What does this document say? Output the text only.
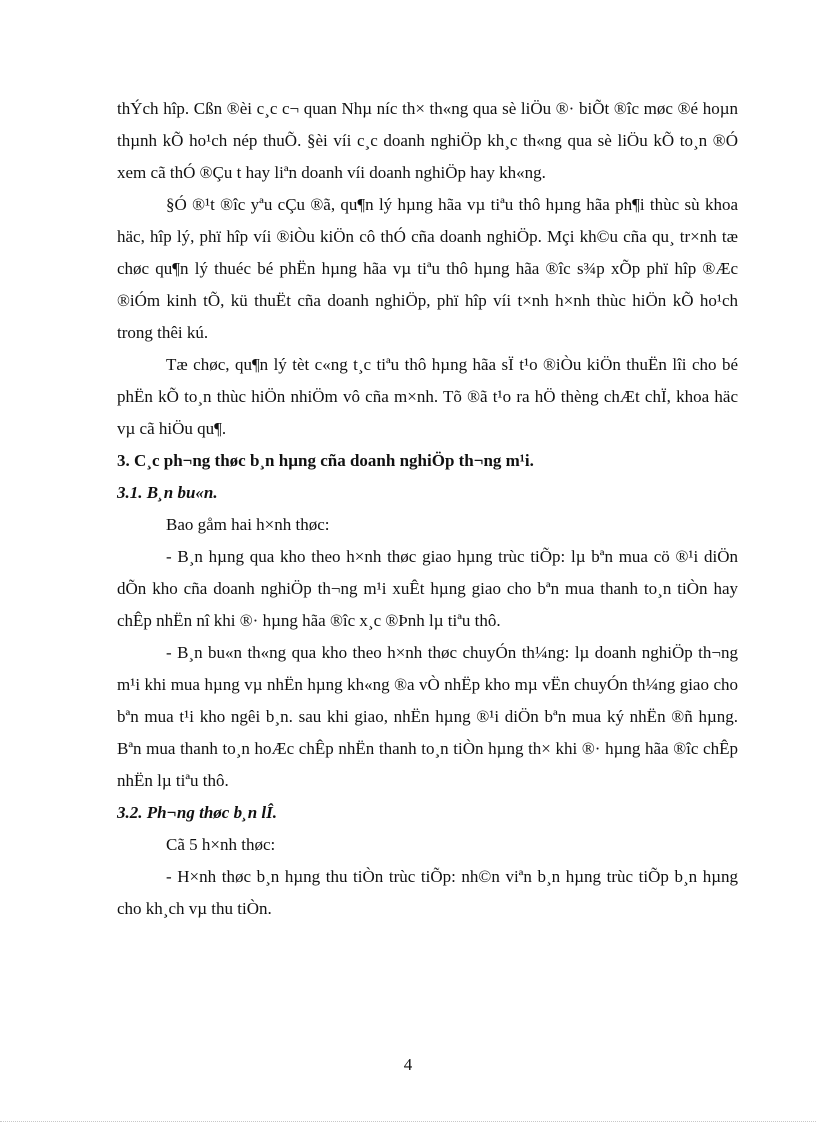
thÝch hîp. Cßn ®èi c¸c c¬ quan Nhµ níc th× th«ng qua sè liÖu ®· biÕt ®îc møc ®é hoµn thµnh kÕ ho¹ch nép thuÕ. §èi víi c¸c doanh nghiÖp kh¸c th«ng qua sè liÖu kÕ to¸n ®Ó xem cã thÓ ®Çu t hay liªn doanh víi doanh nghiÖp hay kh«ng.

§Ó ®¹t ®îc yªu cÇu ®ã, qu¶n lý hµng hãa vµ tiªu thô hµng hãa ph¶i thùc sù khoa häc, hîp lý, phï hîp víi ®iÒu kiÖn cô thÓ cña doanh nghiÖp. Mçi kh©u cña qu¸ tr×nh tæ chøc qu¶n lý thuéc bé phËn hµng hãa vµ tiªu thô hµng hãa ®îc s¾p xÕp phï hîp ®Æc ®iÓm kinh tÕ, kü thuËt cña doanh nghiÖp, phï hîp víi t×nh h×nh thùc hiÖn kÕ ho¹ch trong thêi kú.

Tæ chøc, qu¶n lý tèt c«ng t¸c tiªu thô hµng hãa sÏ t¹o ®iÒu kiÖn thuËn lîi cho bé phËn kÕ to¸n thùc hiÖn nhiÖm vô cña m×nh. Tõ ®ã t¹o ra hÖ thèng chÆt chÏ, khoa häc vµ cã hiÖu qu¶.

3. C¸c ph¬ng thøc b¸n hµng cña doanh nghiÖp th¬ng m¹i.

3.1. B¸n bu«n.

Bao gåm hai h×nh thøc:

- B¸n hµng qua kho theo h×nh thøc giao hµng trùc tiÕp: lµ bªn mua cö ®¹i diÖn dÕn kho cña doanh nghiÖp th¬ng m¹i xuÊt hµng giao cho bªn mua thanh to¸n tiÒn hay chÊp nhËn nî khi ®· hµng hãa ®îc x¸c ®Þnh lµ tiªu thô.

- B¸n bu«n th«ng qua kho theo h×nh thøc chuyÓn th¼ng: lµ doanh nghiÖp th¬ng m¹i khi mua hµng vµ nhËn hµng kh«ng ®a vÒ nhËp kho mµ vËn chuyÓn th¼ng giao cho bªn mua t¹i kho ngêi b¸n. sau khi giao, nhËn hµng ®¹i diÖn bªn mua ký nhËn ®ñ hµng. Bªn mua thanh to¸n hoÆc chÊp nhËn thanh to¸n tiÒn hµng th× khi ®· hµng hãa ®îc chÊp nhËn lµ tiªu thô.

3.2. Ph¬ng thøc b¸n lÎ.

Cã 5 h×nh thøc:

- H×nh thøc b¸n hµng thu tiÒn trùc tiÕp: nh©n viªn b¸n hµng trùc tiÕp b¸n hµng cho kh¸ch vµ thu tiÒn.

4
